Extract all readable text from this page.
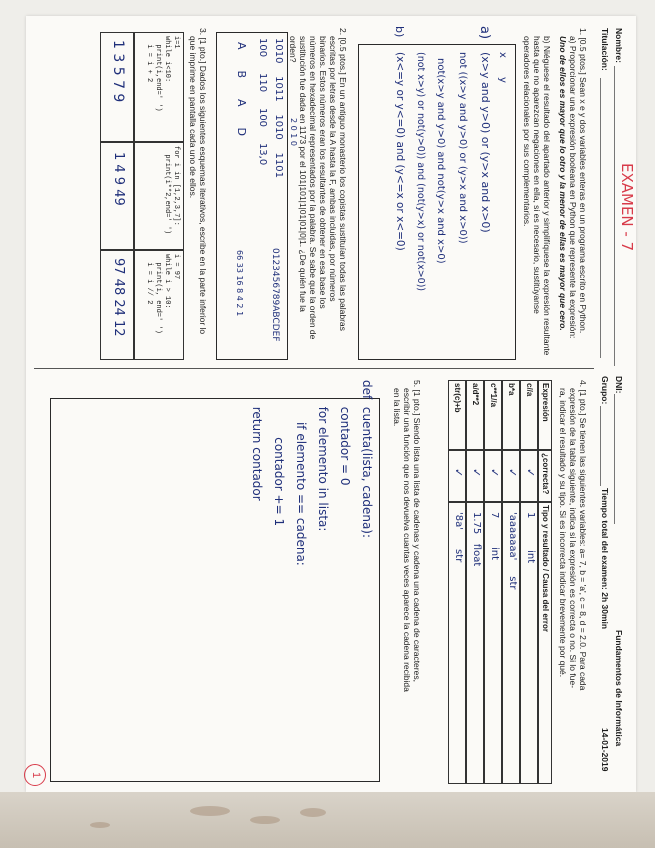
Nombre:
DNI:
Fundamentos de Informática
Titulación:
Grupo:
Tiempo total del examen: 2h 30min
14-01-2019
EXAMEN - 7
1. [0.5 ptos.] Sean x e y dos variables enteras en un programa escrito en Python.
a) Proporcionar una expresión booleana en Python que represente la expresión:
Uno de ellos es mayor que lo otro y la menor de ellas es mayor que cero.
b) Niéguese el resultado del apartado anterior y simplifíquese la expresión resultante
hasta que no aparezcan negaciones en ella, si es necesario, sustitúyanse
operadores relacionales por sus complementarios.
a)
x      y
(x>y and y>0) or (y>x and x>0)
not ((x>y and y>0) or (y>x and x>0))
not(x>y and y>0) and not(y>x and x>0)
(not x>y) or not(y>0)) and (not(y>x) or not(x>0))
b)
(x<=y or y<=0) and (y<=x or x<=0)
2. [0.5 ptos.] En un antiguo monasterio los copistas sustituían todas las palabras
escritas por letras desde la A hasta la F, ambas incluidas, por números
binarios. Estos números eran los resultantes de obtener en esa base los
números en hexadecimal representados por la palabra. Se sabe que la orden de
sustitución fue dada en 1173 por el 101|101|1|01|01|0|1. ¿De quién fue la
orden?
2 0 1 0
1010    1011    1010    1101
100     110     100     13,0
A      B      A      D
0123456789ABCDEF
66 33 16 8 4 2 1
3. [1 pto.] Dados los siguientes esquemas iterativos, escribe en la parte inferior lo
que imprime en pantalla cada uno de ellos.
i=1
while i<10:
print(i,end=' ')
i = i + 2
for i in [1,2,3,7]:
print(i**2,end=' ')
i = 97
while i > 10:
print(i, end=' ')
i = i // 2
1 3 5 7 9
1 4 9 49
97 48 24 12
4. [1 pto.] Se tienen las siguientes variables: a= 7, b = 'a', c = 8, d = 2.0. Para cada
expresión de la tabla siguiente, indica si la expresión es correcta o no. Si lo fue-
ra, indicar el resultado y su tipo. Si es incorrecta indicar brevemente por qué.
Expresión
¿correcta?
Tipo y resultado / Causa del error
c//a
✓
1          int
b*a
✓
'aaaaaaa'     str
c**1//a
✓
7         int
a/d**2
✓
1.75   float
str(c)+b
✓
'8a'      str
5. [1 pto.] Siendo lista una lista de cadenas y cadena una cadena de caracteres,
escribir una función que nos devuelva cuantas veces aparece la cadena recibida
en la lista.
def  cuenta(lista, cadena):
contador = 0
for elemento in lista:
if elemento == cadena:
contador += 1
return contador
1
